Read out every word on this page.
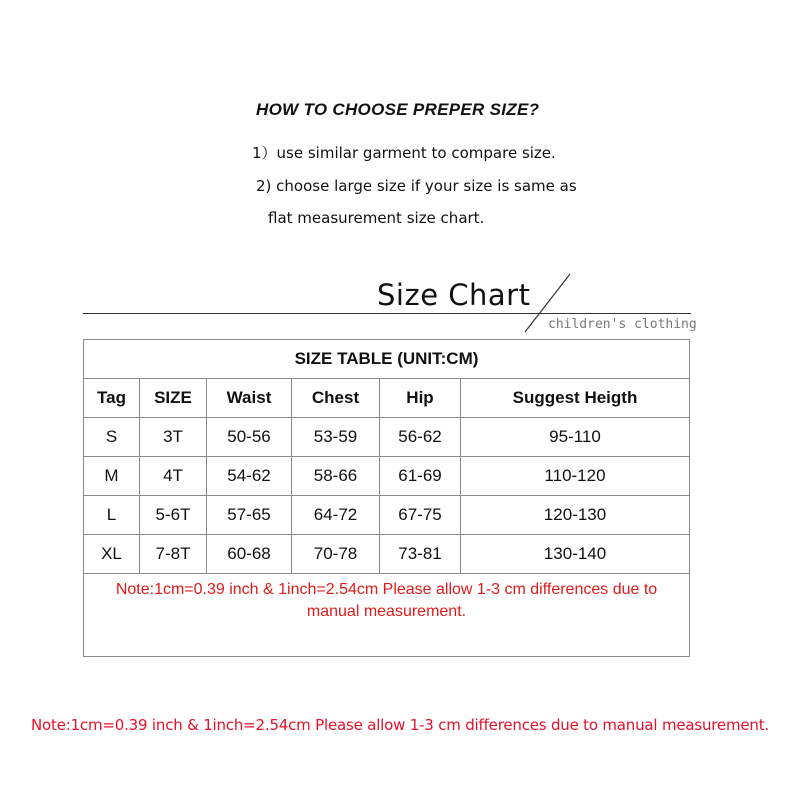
HOW TO CHOOSE PREPER SIZE?
1）use similar garment to compare size.
2) choose large size if your size is same as
flat measurement size chart.
Size Chart
children's clothing
SIZE TABLE (UNIT:CM)					
Tag	SIZE	Waist	Chest	Hip	Suggest Heigth
S	3T	50-56	53-59	56-62	95-110
M	4T	54-62	58-66	61-69	110-120
L	5-6T	57-65	64-72	67-75	120-130
XL	7-8T	60-68	70-78	73-81	130-140
Note:1cm=0.39 inch & 1inch=2.54cm Please allow 1-3 cm differences due to manual measurement.					
Note:1cm=0.39 inch & 1inch=2.54cm Please allow 1-3 cm differences due to manual measurement.
